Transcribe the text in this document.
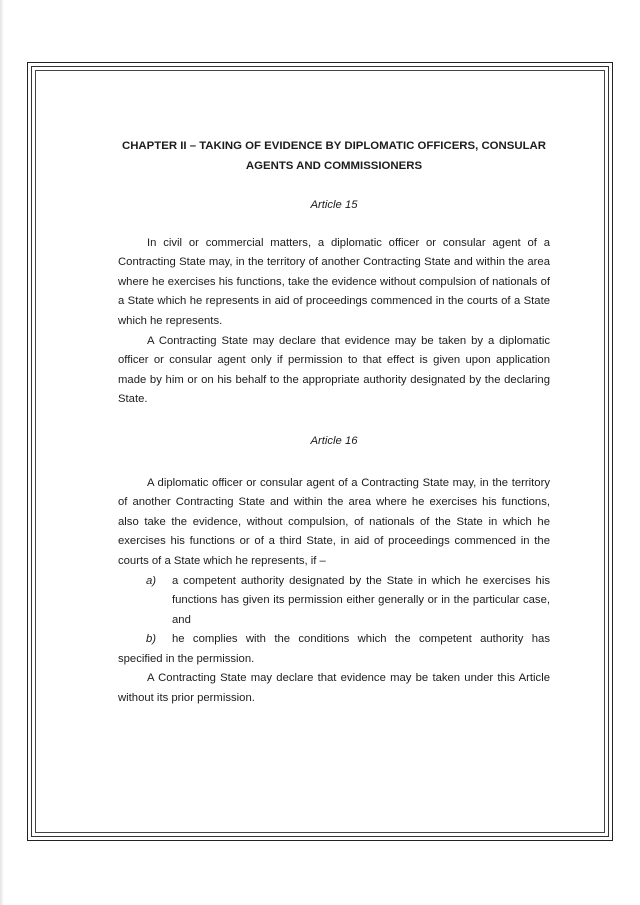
CHAPTER II – TAKING OF EVIDENCE BY DIPLOMATIC OFFICERS, CONSULAR AGENTS AND COMMISSIONERS
Article 15

In civil or commercial matters, a diplomatic officer or consular agent of a Contracting State may, in the territory of another Contracting State and within the area where he exercises his functions, take the evidence without compulsion of nationals of a State which he represents in aid of proceedings commenced in the courts of a State which he represents.

A Contracting State may declare that evidence may be taken by a diplomatic officer or consular agent only if permission to that effect is given upon application made by him or on his behalf to the appropriate authority designated by the declaring State.

Article 16

A diplomatic officer or consular agent of a Contracting State may, in the territory of another Contracting State and within the area where he exercises his functions, also take the evidence, without compulsion, of nationals of the State in which he exercises his functions or of a third State, in aid of proceedings commenced in the courts of a State which he represents, if –

a) a competent authority designated by the State in which he exercises his functions has given its permission either generally or in the particular case, and
b) he complies with the conditions which the competent authority has specified in the permission.

A Contracting State may declare that evidence may be taken under this Article without its prior permission.
